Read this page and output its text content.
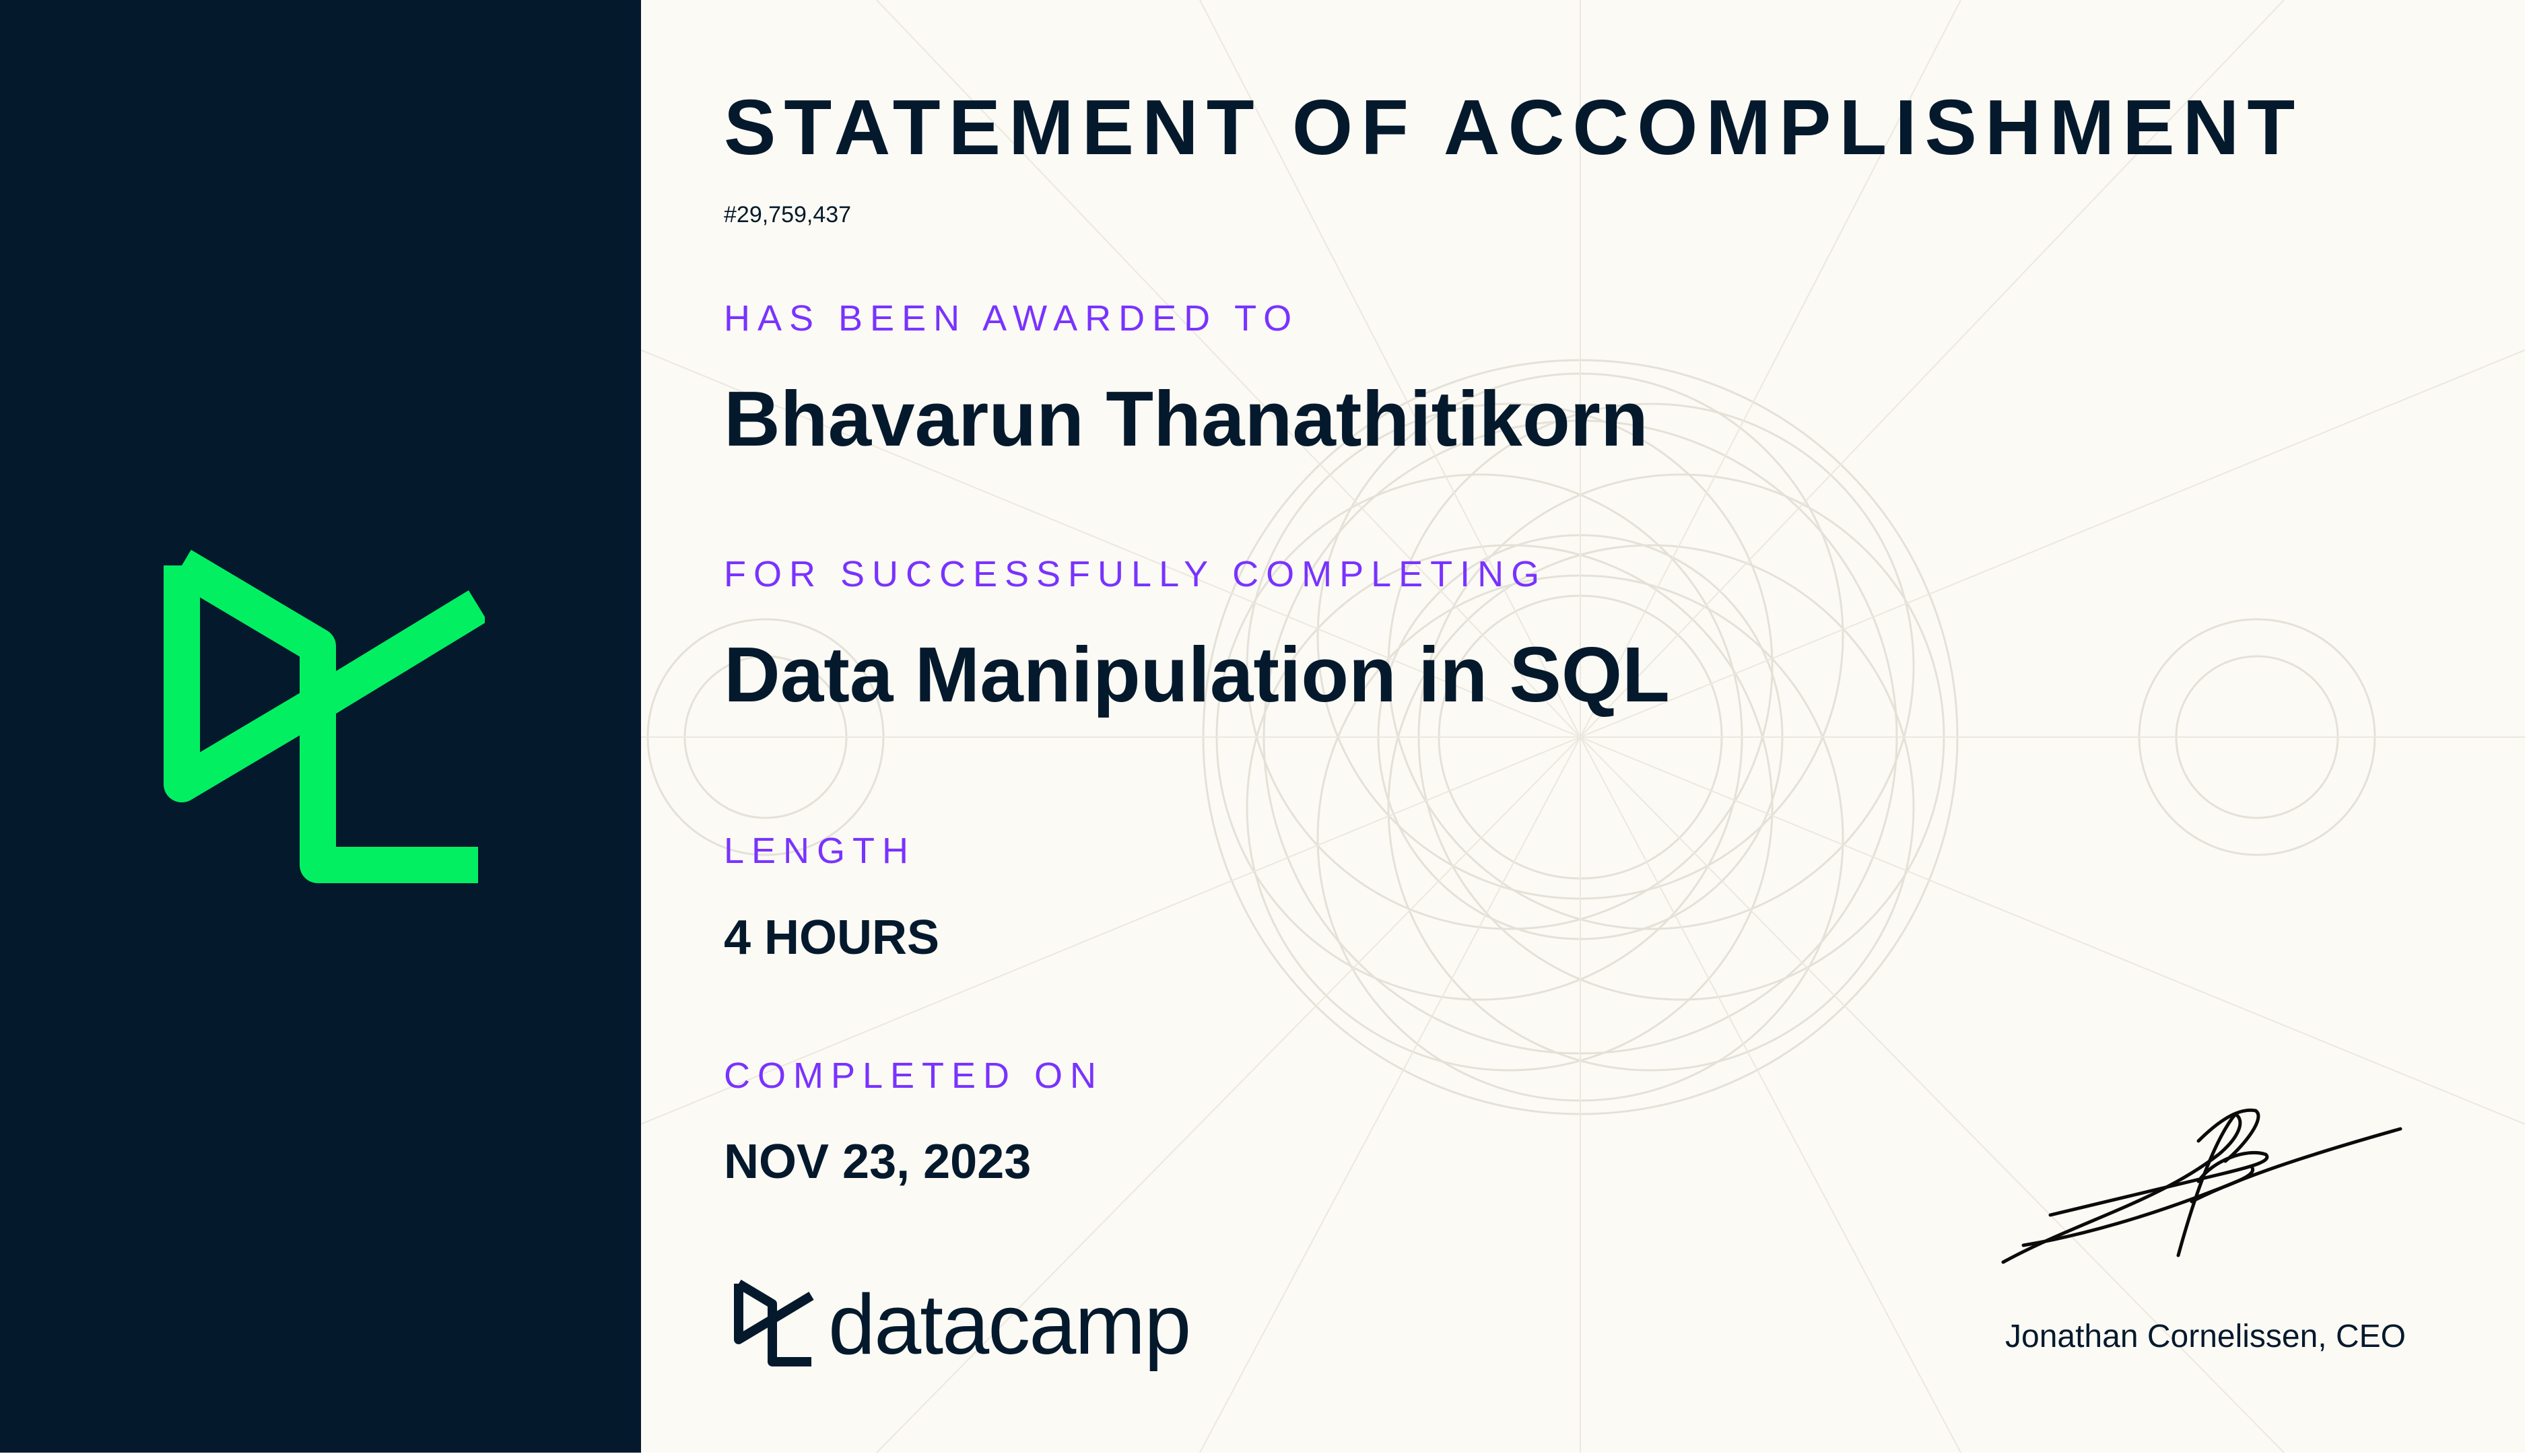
STATEMENT OF ACCOMPLISHMENT
#29,759,437
HAS BEEN AWARDED TO
Bhavarun Thanathitikorn
FOR SUCCESSFULLY COMPLETING
Data Manipulation in SQL
LENGTH
4 HOURS
COMPLETED ON
NOV 23, 2023
datacamp	Jonathan Cornelissen, CEO
